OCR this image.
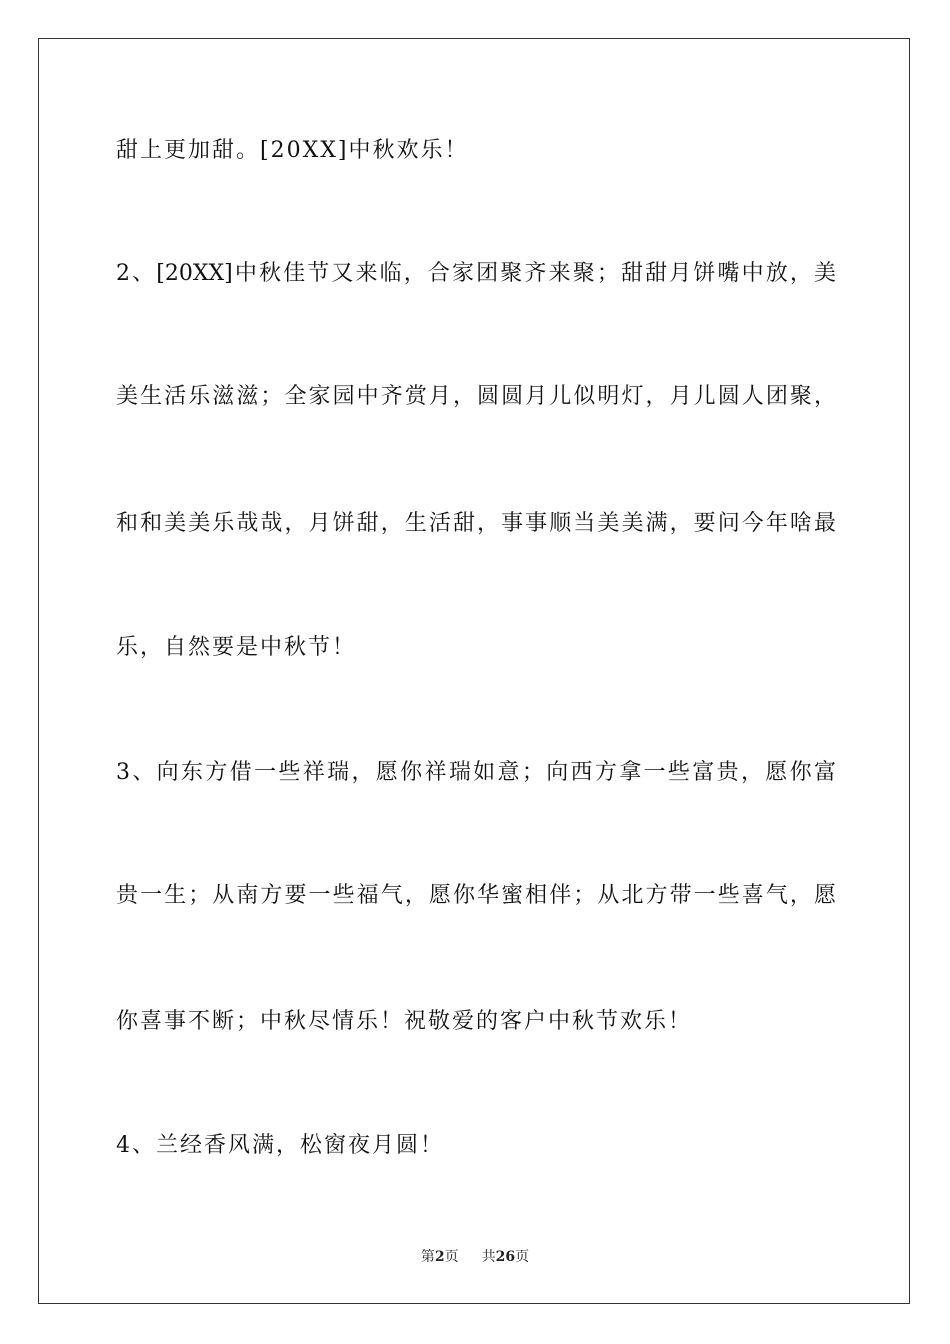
甜上更加甜。[20XX]中秋欢乐！
2、[20XX]中秋佳节又来临，合家团聚齐来聚；甜甜月饼嘴中放，美
美生活乐滋滋；全家园中齐赏月，圆圆月儿似明灯，月儿圆人团聚，
和和美美乐哉哉，月饼甜，生活甜，事事顺当美美满，要问今年啥最
乐，自然要是中秋节！
3、向东方借一些祥瑞，愿你祥瑞如意；向西方拿一些富贵，愿你富
贵一生；从南方要一些福气，愿你华蜜相伴；从北方带一些喜气，愿
你喜事不断；中秋尽情乐！祝敬爱的客户中秋节欢乐！
4、兰经香风满，松窗夜月圆！
第2页 共26页
